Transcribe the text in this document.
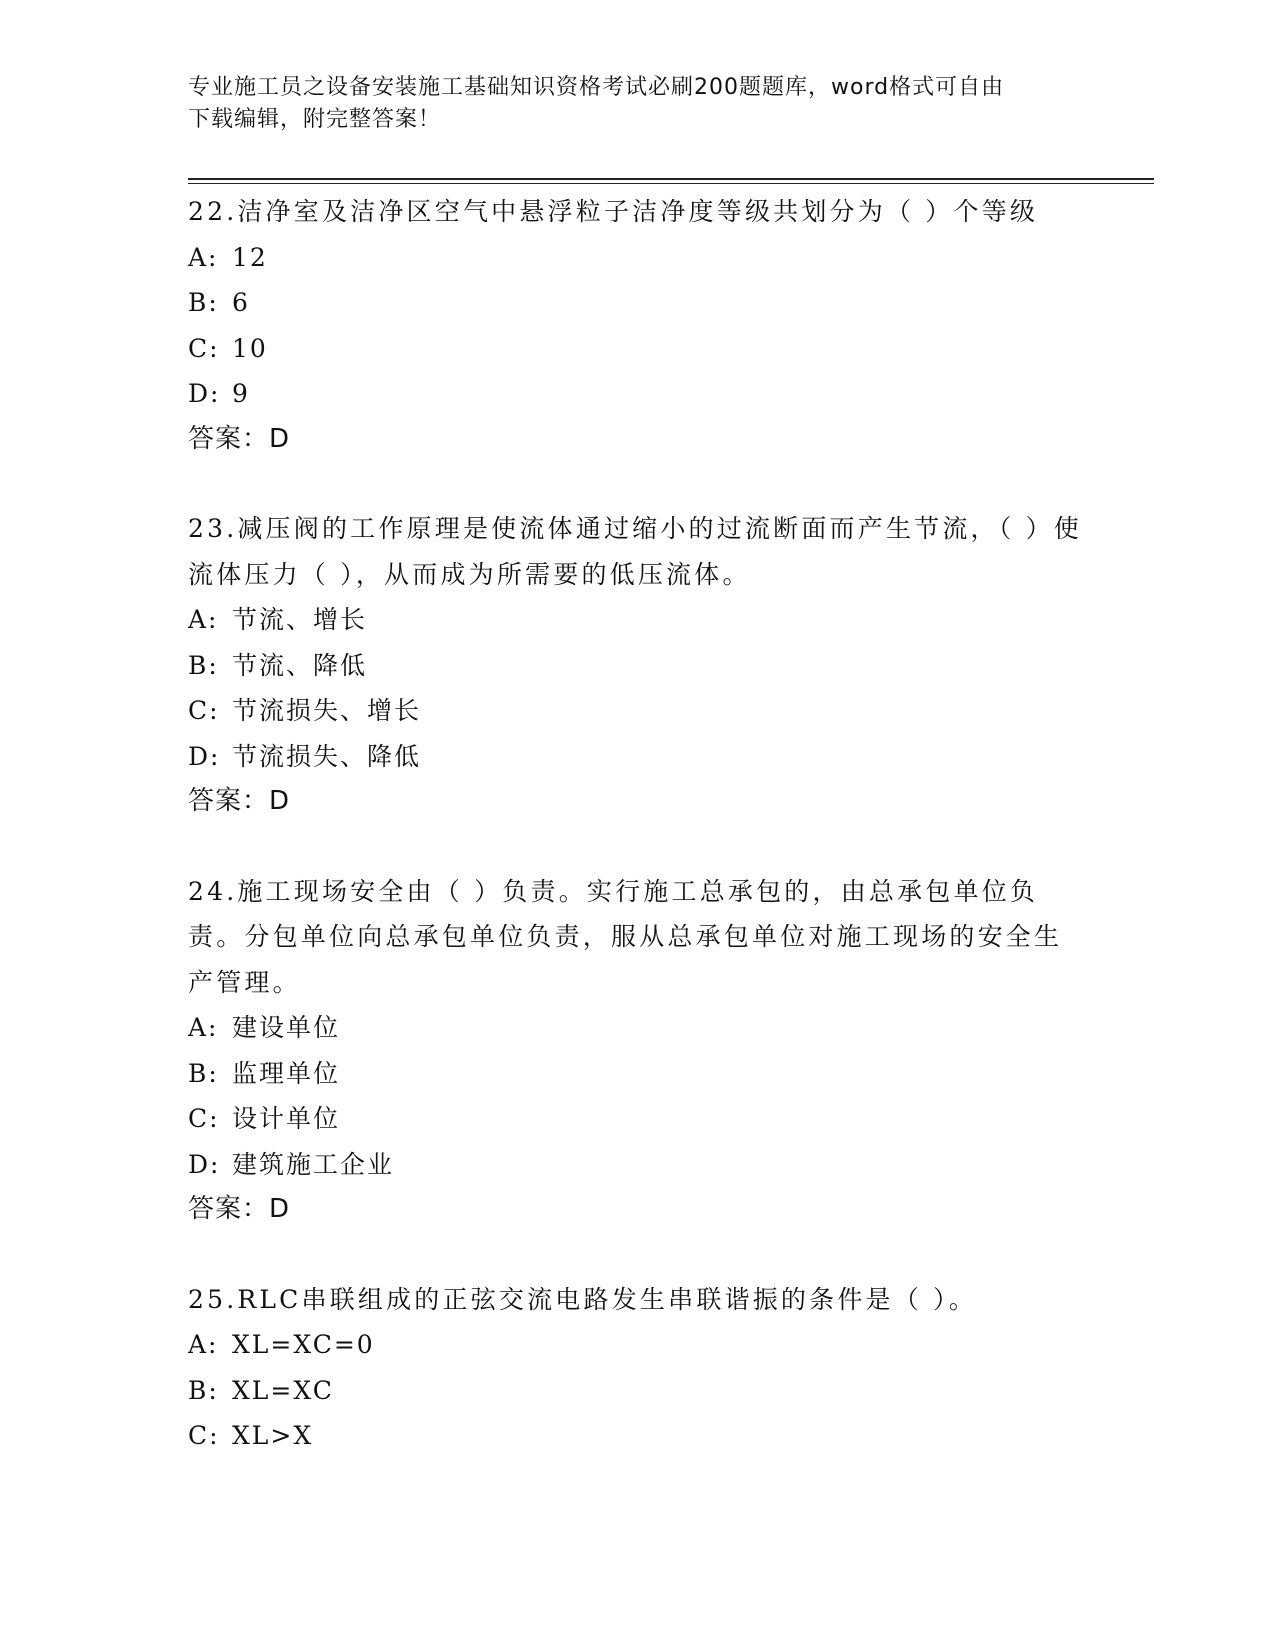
专业施工员之设备安装施工基础知识资格考试必刷200题题库，word格式可自由
下载编辑，附完整答案！

22.洁净室及洁净区空气中悬浮粒子洁净度等级共划分为（ ）个等级

A: 12
B: 6
C: 10
D: 9
答案：D

23.减压阀的工作原理是使流体通过缩小的过流断面而产生节流，（ ）使流体压力（ ），从而成为所需要的低压流体。

A: 节流、增长
B: 节流、降低
C: 节流损失、增长
D: 节流损失、降低
答案：D

24.施工现场安全由（ ）负责。实行施工总承包的，由总承包单位负责。分包单位向总承包单位负责，服从总承包单位对施工现场的安全生产管理。

A: 建设单位
B: 监理单位
C: 设计单位
D: 建筑施工企业
答案：D

25.RLC串联组成的正弦交流电路发生串联谐振的条件是（ ）。

A: XL=XC=0
B: XL=XC
C: XL>X
